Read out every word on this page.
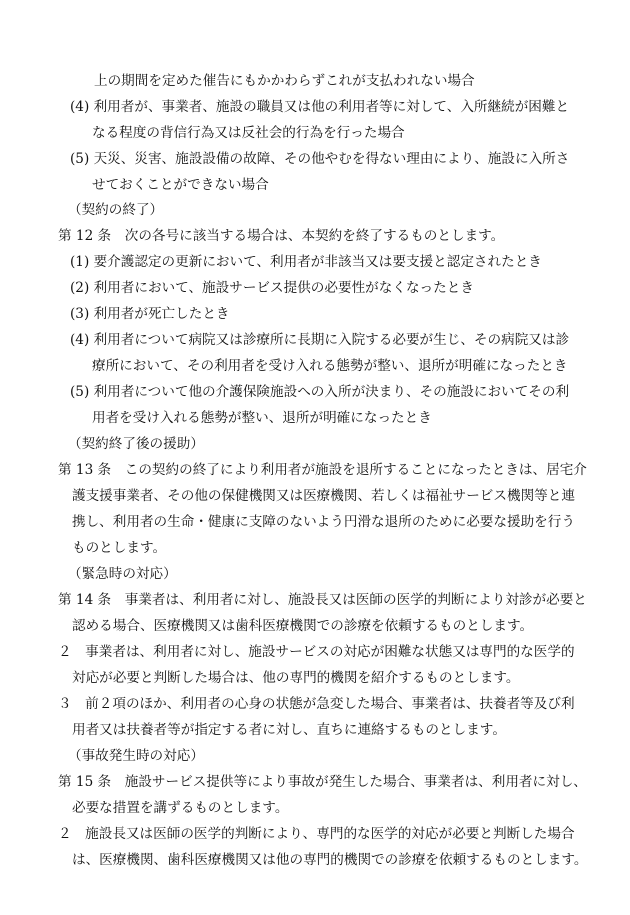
上の期間を定めた催告にもかかわらずこれが支払われない場合
(4) 利用者が、事業者、施設の職員又は他の利用者等に対して、入所継続が困難と
なる程度の背信行為又は反社会的行為を行った場合
(5) 天災、災害、施設設備の故障、その他やむを得ない理由により、施設に入所さ
せておくことができない場合
（契約の終了）
第 12 条　次の各号に該当する場合は、本契約を終了するものとします。
(1) 要介護認定の更新において、利用者が非該当又は要支援と認定されたとき
(2) 利用者において、施設サービス提供の必要性がなくなったとき
(3) 利用者が死亡したとき
(4) 利用者について病院又は診療所に長期に入院する必要が生じ、その病院又は診
療所において、その利用者を受け入れる態勢が整い、退所が明確になったとき
(5) 利用者について他の介護保険施設への入所が決まり、その施設においてその利
用者を受け入れる態勢が整い、退所が明確になったとき
（契約終了後の援助）
第 13 条　この契約の終了により利用者が施設を退所することになったときは、居宅介
護支援事業者、その他の保健機関又は医療機関、若しくは福祉サービス機関等と連
携し、利用者の生命・健康に支障のないよう円滑な退所のために必要な援助を行う
ものとします。
（緊急時の対応）
第 14 条　事業者は、利用者に対し、施設長又は医師の医学的判断により対診が必要と
認める場合、医療機関又は歯科医療機関での診療を依頼するものとします。
２　事業者は、利用者に対し、施設サービスの対応が困難な状態又は専門的な医学的
対応が必要と判断した場合は、他の専門的機関を紹介するものとします。
３　前２項のほか、利用者の心身の状態が急変した場合、事業者は、扶養者等及び利
用者又は扶養者等が指定する者に対し、直ちに連絡するものとします。
（事故発生時の対応）
第 15 条　施設サービス提供等により事故が発生した場合、事業者は、利用者に対し、
必要な措置を講ずるものとします。
２　施設長又は医師の医学的判断により、専門的な医学的対応が必要と判断した場合
は、医療機関、歯科医療機関又は他の専門的機関での診療を依頼するものとします。
